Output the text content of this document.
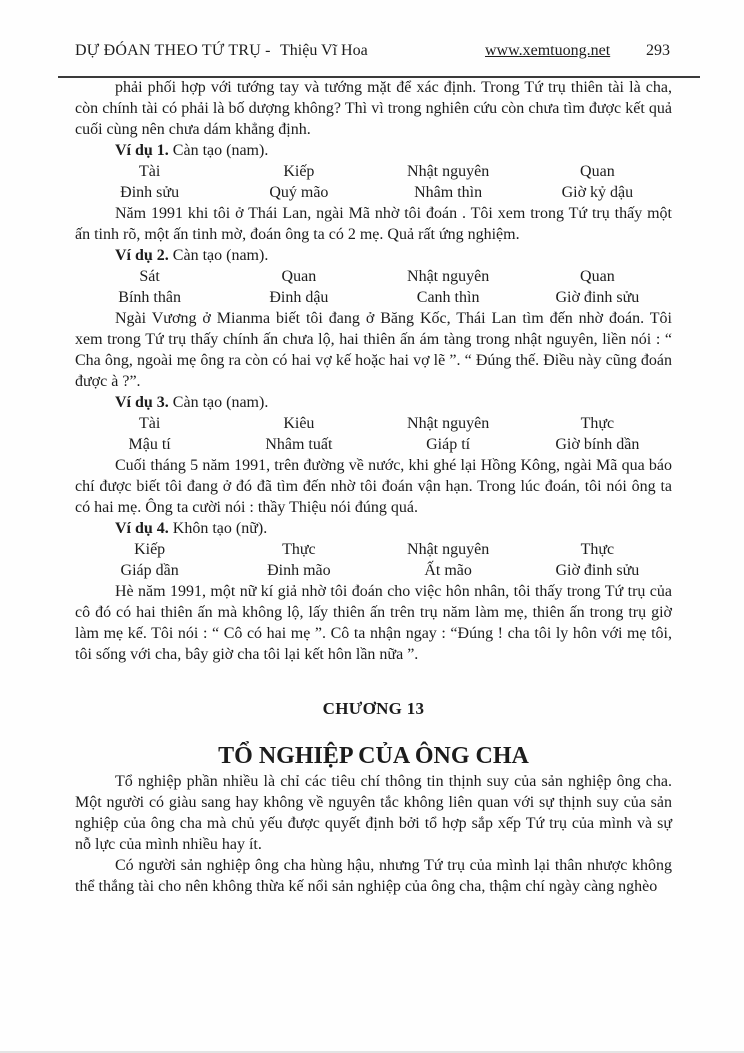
DỰ ĐÓAN THEO TỨ TRỤ - Thiệu Vĩ Hoa	www.xemtuong.net 293

phải phối hợp với tướng tay và tướng mặt để xác định. Trong Tứ trụ thiên tài là cha, còn chính tài có phải là bố dượng không? Thì vì trong nghiên cứu còn chưa tìm được kết quả cuối cùng nên chưa dám khẳng định.

Ví dụ 1. Càn tạo (nam).
Tài	Kiếp	Nhật nguyên	Quan
Đinh sửu	Quý mão	Nhâm thìn	Giờ kỷ dậu

Năm 1991 khi tôi ở Thái Lan, ngài Mã nhờ tôi đoán . Tôi xem trong Tứ trụ thấy một ấn tinh rõ, một ấn tinh mờ, đoán ông ta có 2 mẹ. Quả rất ứng nghiệm.

Ví dụ 2. Càn tạo (nam).
Sát	Quan	Nhật nguyên	Quan
Bính thân	Đinh dậu	Canh thìn	Giờ đinh sửu

Ngài Vương ở Mianma biết tôi đang ở Băng Kốc, Thái Lan tìm đến nhờ đoán. Tôi xem trong Tứ trụ thấy chính ấn chưa lộ, hai thiên ấn ám tàng trong nhật nguyên, liền nói : “ Cha ông, ngoài mẹ ông ra còn có hai vợ kế hoặc hai vợ lẽ ”. “ Đúng thế. Điều này cũng đoán được à ?”.

Ví dụ 3. Càn tạo (nam).
Tài	Kiêu	Nhật nguyên	Thực
Mậu tí	Nhâm tuất	Giáp tí	Giờ bính dần

Cuối tháng 5 năm 1991, trên đường về nước, khi ghé lại Hồng Kông, ngài Mã qua báo chí được biết tôi đang ở đó đã tìm đến nhờ tôi đoán vận hạn. Trong lúc đoán, tôi nói ông ta có hai mẹ. Ông ta cười nói : thầy Thiệu nói đúng quá.

Ví dụ 4. Khôn tạo (nữ).
Kiếp	Thực	Nhật nguyên	Thực
Giáp dần	Đinh mão	Ất mão	Giờ đinh sửu

Hè năm 1991, một nữ kí giả nhờ tôi đoán cho việc hôn nhân, tôi thấy trong Tứ trụ của cô đó có hai thiên ấn mà không lộ, lấy thiên ấn trên trụ năm làm mẹ, thiên ấn trong trụ giờ làm mẹ kế. Tôi nói : “ Cô có hai mẹ ”. Cô ta nhận ngay : “Đúng ! cha tôi ly hôn với mẹ tôi, tôi sống với cha, bây giờ cha tôi lại kết hôn lần nữa ”.

CHƯƠNG 13
TỔ NGHIỆP CỦA ÔNG CHA

Tổ nghiệp phần nhiều là chỉ các tiêu chí thông tin thịnh suy của sản nghiệp ông cha. Một người có giàu sang hay không về nguyên tắc không liên quan với sự thịnh suy của sản nghiệp của ông cha mà chủ yếu được quyết định bởi tổ hợp sắp xếp Tứ trụ của mình và sự nỗ lực của mình nhiều hay ít.

Có người sản nghiệp ông cha hùng hậu, nhưng Tứ trụ của mình lại thân nhược không thể thắng tài cho nên không thừa kế nổi sản nghiệp của ông cha, thậm chí ngày càng nghèo
